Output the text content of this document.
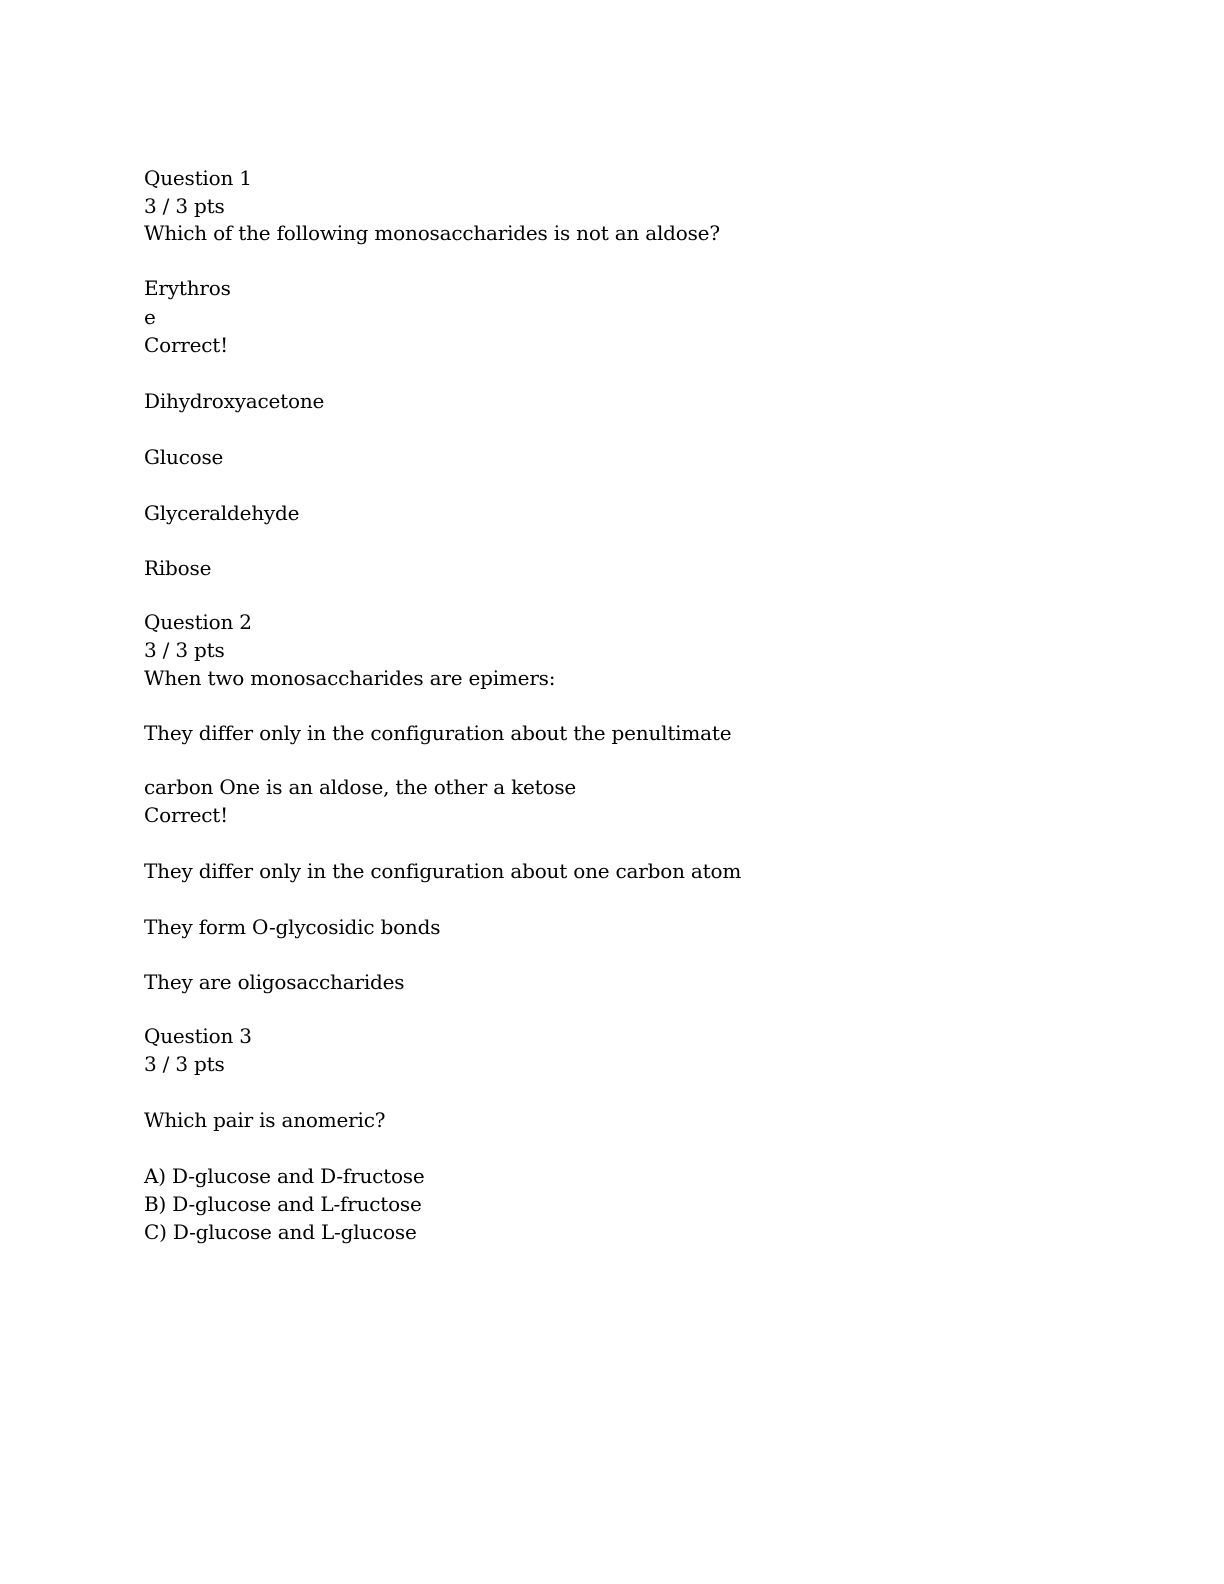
Question 1
3 / 3 pts
Which of the following monosaccharides is not an aldose?
Erythros
e
Correct!
Dihydroxyacetone
Glucose
Glyceraldehyde
Ribose
Question 2
3 / 3 pts
When two monosaccharides are epimers:
They differ only in the configuration about the penultimate
carbon One is an aldose, the other a ketose
Correct!
They differ only in the configuration about one carbon atom
They form O-glycosidic bonds
They are oligosaccharides
Question 3
3 / 3 pts
Which pair is anomeric?
A) D-glucose and D-fructose
B) D-glucose and L-fructose
C) D-glucose and L-glucose
